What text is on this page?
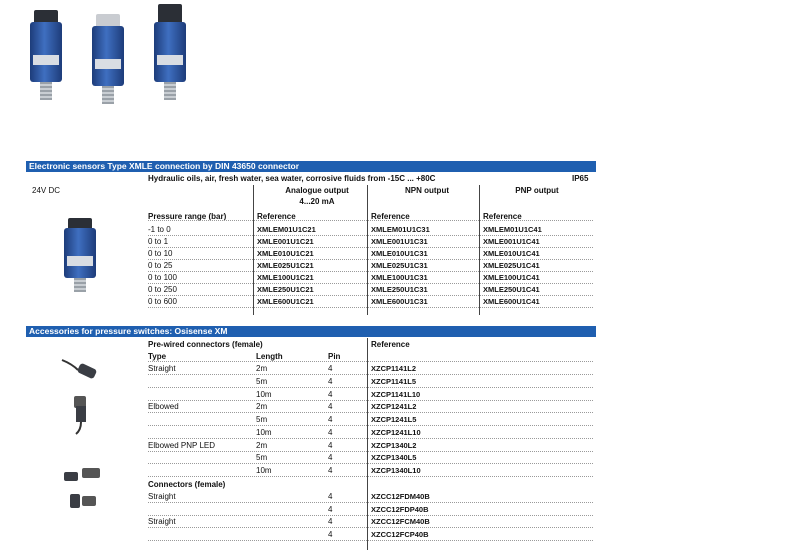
Electronic sensors Type XMLE connection by DIN 43650 connector
Hydraulic oils, air, fresh water, sea water, corrosive fluids from -15C ... +80C	IP65
24V DC	Analogue output
4...20 mA
NPN output	PNP output
Pressure range (bar)	Reference	Reference	Reference
-1 to 0	XMLEM01U1C21	XMLEM01U1C31	XMLEM01U1C41
0 to 1	XMLE001U1C21	XMLE001U1C31	XMLE001U1C41
0 to 10	XMLE010U1C21	XMLE010U1C31	XMLE010U1C41
0 to 25	XMLE025U1C21	XMLE025U1C31	XMLE025U1C41
0 to 100	XMLE100U1C21	XMLE100U1C31	XMLE100U1C41
0 to 250	XMLE250U1C21	XMLE250U1C31	XMLE250U1C41
0 to 600	XMLE600U1C21	XMLE600U1C31	XMLE600U1C41
Accessories for pressure switches: Osisense XM
Pre-wired connectors (female)	Reference
Type	Length	Pin
Straight	2m	4	XZCP1141L2
5m	4	XZCP1141L5
10m	4	XZCP1141L10
Elbowed	2m	4	XZCP1241L2
5m	4	XZCP1241L5
10m	4	XZCP1241L10
Elbowed PNP LED	2m	4	XZCP1340L2
5m	4	XZCP1340L5
10m	4	XZCP1340L10
Connectors (female)
Straight	4	XZCC12FDM40B
4	XZCC12FDP40B
Straight	4	XZCC12FCM40B
4	XZCC12FCP40B
